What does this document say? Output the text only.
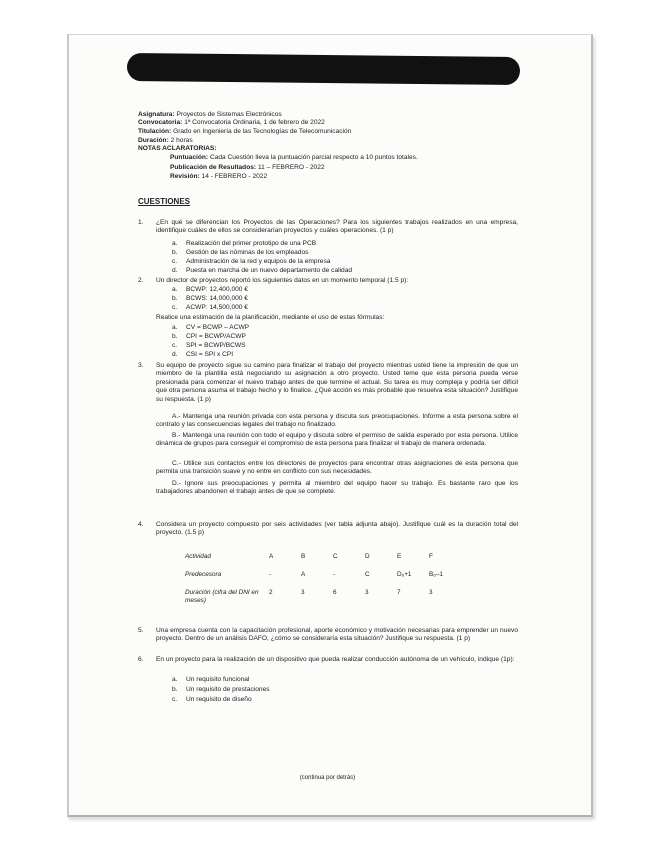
Asignatura: Proyectos de Sistemas Electrónicos
Convocatoria: 1ª Convocatoria Ordinaria, 1 de febrero de 2022
Titulación: Grado en Ingeniería de las Tecnologías de Telecomunicación
Duración: 2 horas
NOTAS ACLARATORIAS:
Puntuación: Cada Cuestión lleva la puntuación parcial respecto a 10 puntos totales.
Publicación de Resultados: 11 – FEBRERO - 2022
Revisión: 14 - FEBRERO - 2022
CUESTIONES
1. ¿En qué se diferencian los Proyectos de las Operaciones? Para los siguientes trabajos realizados en una empresa, identifique cuáles de ellos se considerarían proyectos y cuáles operaciones. (1 p)
a. Realización del primer prototipo de una PCB
b. Gestión de las nóminas de los empleados
c. Administración de la red y equipos de la empresa
d. Puesta en marcha de un nuevo departamento de calidad
2. Un director de proyectos reportó los siguientes datos en un momento temporal (1.5 p):
a. BCWP: 12,400,000 €
b. BCWS: 14,000,000 €
c. ACWP: 14,500,000 €
Realice una estimación de la planificación, mediante el uso de estas fórmulas:
a. CV = BCWP – ACWP
b. CPI = BCWP/ACWP
c. SPI = BCWP/BCWS
d. CSI = SPI x CPI
3. Su equipo de proyecto sigue su camino para finalizar el trabajo del proyecto mientras usted tiene la impresión de que un miembro de la plantilla está negociando su asignación a otro proyecto. Usted teme que esta persona pueda verse presionada para comenzar el nuevo trabajo antes de que termine el actual. Su tarea es muy compleja y podría ser difícil que otra persona asuma el trabajo hecho y lo finalice. ¿Qué acción es más probable que resuelva esta situación? Justifique su respuesta. (1 p)
A.- Mantenga una reunión privada con esta persona y discuta sus preocupaciones. Informe a esta persona sobre el contrato y las consecuencias legales del trabajo no finalizado.
B.- Mantenga una reunión con todo el equipo y discuta sobre el permiso de salida esperado por esta persona. Utilice dinámica de grupos para conseguir el compromiso de esta persona para finalizar el trabajo de manera ordenada.
C.- Utilice sus contactos entre los directores de proyectos para encontrar otras asignaciones de esta persona que permita una transición suave y no entre en conflicto con sus necesidades.
D.- Ignore sus preocupaciones y permita al miembro del equipo hacer su trabajo. Es bastante raro que los trabajadores abandonen el trabajo antes de que se complete.
4. Considera un proyecto compuesto por seis actividades (ver tabla adjunta abajo). Justifique cuál es la duración total del proyecto. (1.5 p)
Actividad	A	B	C	D	E	F
Predecesora	-	A	-	C	D₆+1	B₆–1
Duración (cifra del DNI en meses)	2	3	6	3	7	3
5. Una empresa cuenta con la capacitación profesional, aporte económico y motivación necesarias para emprender un nuevo proyecto. Dentro de un análisis DAFO, ¿cómo se consideraría esta situación? Justifique su respuesta. (1 p)
6. En un proyecto para la realización de un dispositivo que pueda realizar conducción autónoma de un vehículo, indique (1p):
a. Un requisito funcional
b. Un requisito de prestaciones
c. Un requisito de diseño
(continua por detrás)
